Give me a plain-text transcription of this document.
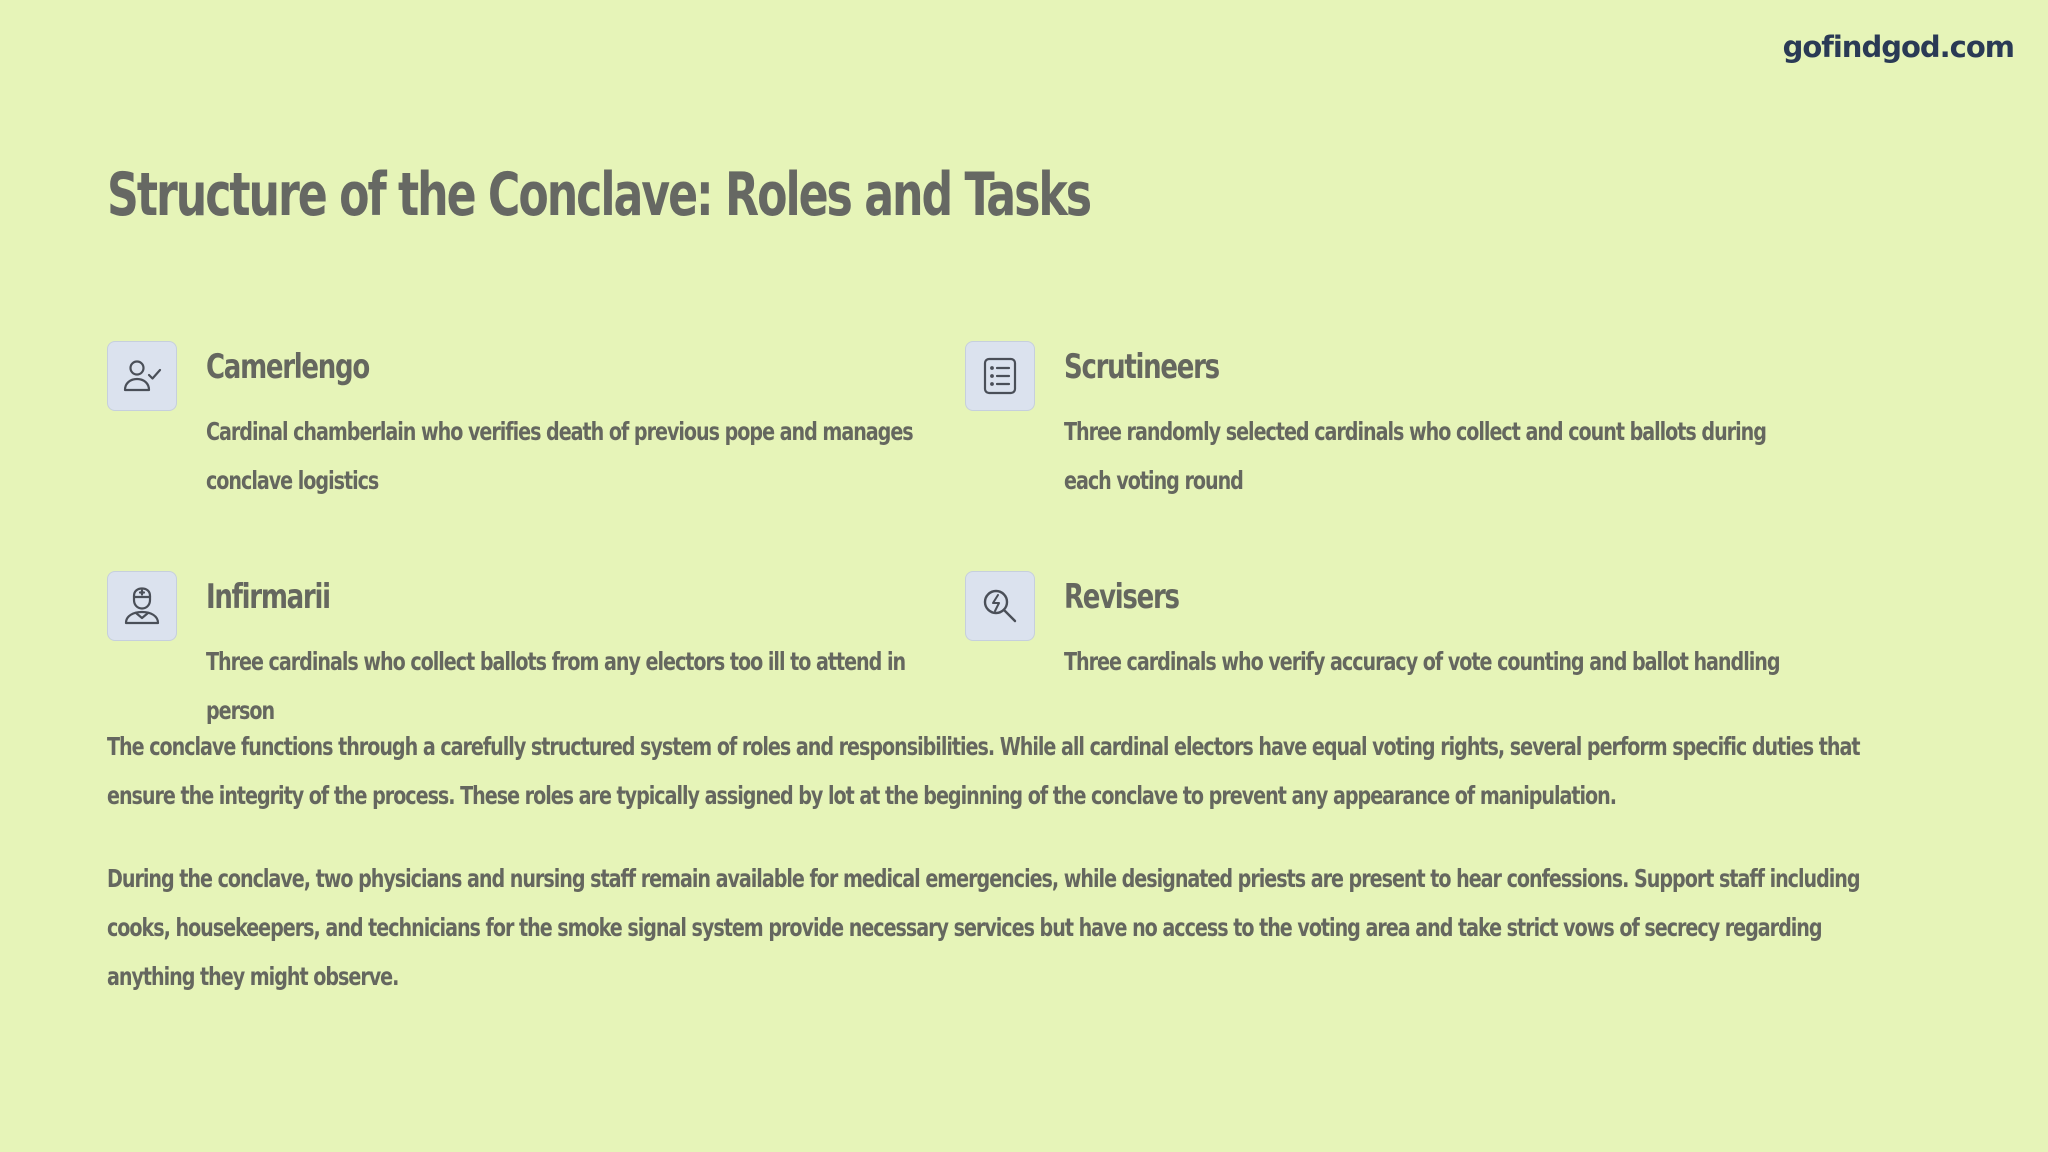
gofindgod.com
Structure of the Conclave: Roles and Tasks
Camerlengo
Cardinal chamberlain who verifies death of previous pope and manages conclave logistics
Scrutineers
Three randomly selected cardinals who collect and count ballots during each voting round
Infirmarii
Three cardinals who collect ballots from any electors too ill to attend in person
Revisers
Three cardinals who verify accuracy of vote counting and ballot handling

The conclave functions through a carefully structured system of roles and responsibilities. While all cardinal electors have equal voting rights, several perform specific duties that ensure the integrity of the process. These roles are typically assigned by lot at the beginning of the conclave to prevent any appearance of manipulation.

During the conclave, two physicians and nursing staff remain available for medical emergencies, while designated priests are present to hear confessions. Support staff including cooks, housekeepers, and technicians for the smoke signal system provide necessary services but have no access to the voting area and take strict vows of secrecy regarding anything they might observe.
